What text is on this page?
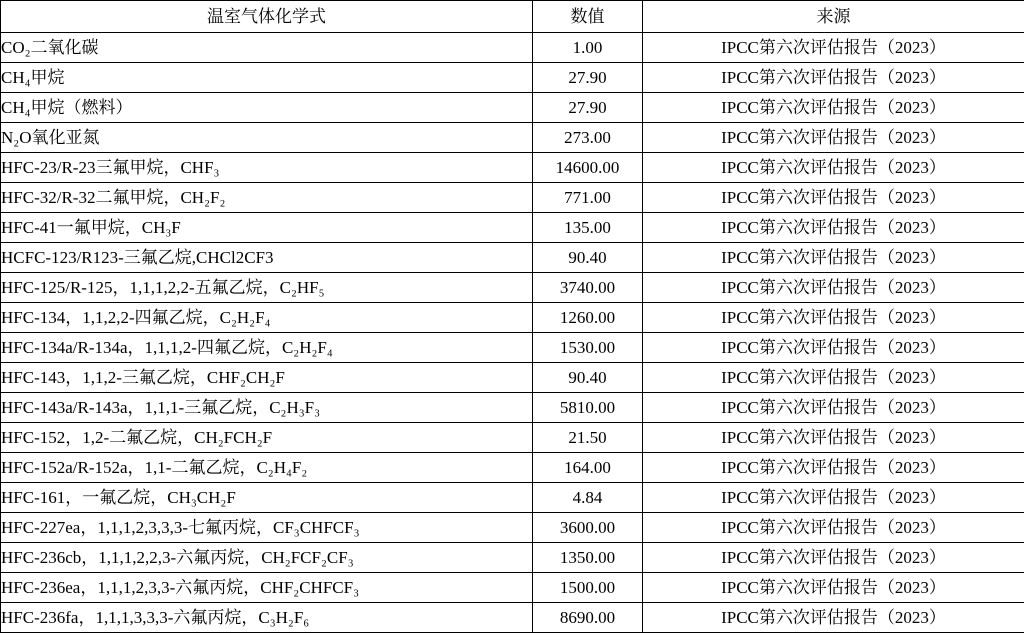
温室气体化学式	数值	来源
CO₂二氧化碳	1.00	IPCC第六次评估报告（2023）
CH₄甲烷	27.90	IPCC第六次评估报告（2023）
CH₄甲烷（燃料）	27.90	IPCC第六次评估报告（2023）
N₂O氧化亚氮	273.00	IPCC第六次评估报告（2023）
HFC-23/R-23三氟甲烷，CHF₃	14600.00	IPCC第六次评估报告（2023）
HFC-32/R-32二氟甲烷，CH₂F₂	771.00	IPCC第六次评估报告（2023）
HFC-41一氟甲烷，CH₃F	135.00	IPCC第六次评估报告（2023）
HCFC-123/R123-三氟乙烷,CHCl2CF3	90.40	IPCC第六次评估报告（2023）
HFC-125/R-125，1,1,1,2,2-五氟乙烷，C₂HF₅	3740.00	IPCC第六次评估报告（2023）
HFC-134，1,1,2,2-四氟乙烷，C₂H₂F₄	1260.00	IPCC第六次评估报告（2023）
HFC-134a/R-134a，1,1,1,2-四氟乙烷，C₂H₂F₄	1530.00	IPCC第六次评估报告（2023）
HFC-143，1,1,2-三氟乙烷，CHF₂CH₂F	90.40	IPCC第六次评估报告（2023）
HFC-143a/R-143a，1,1,1-三氟乙烷，C₂H₃F₃	5810.00	IPCC第六次评估报告（2023）
HFC-152，1,2-二氟乙烷，CH₂FCH₂F	21.50	IPCC第六次评估报告（2023）
HFC-152a/R-152a，1,1-二氟乙烷，C₂H₄F₂	164.00	IPCC第六次评估报告（2023）
HFC-161，一氟乙烷，CH₃CH₂F	4.84	IPCC第六次评估报告（2023）
HFC-227ea，1,1,1,2,3,3,3-七氟丙烷，CF₃CHFCF₃	3600.00	IPCC第六次评估报告（2023）
HFC-236cb，1,1,1,2,2,3-六氟丙烷，CH₂FCF₂CF₃	1350.00	IPCC第六次评估报告（2023）
HFC-236ea，1,1,1,2,3,3-六氟丙烷，CHF₂CHFCF₃	1500.00	IPCC第六次评估报告（2023）
HFC-236fa，1,1,1,3,3,3-六氟丙烷，C₃H₂F₆	8690.00	IPCC第六次评估报告（2023）
